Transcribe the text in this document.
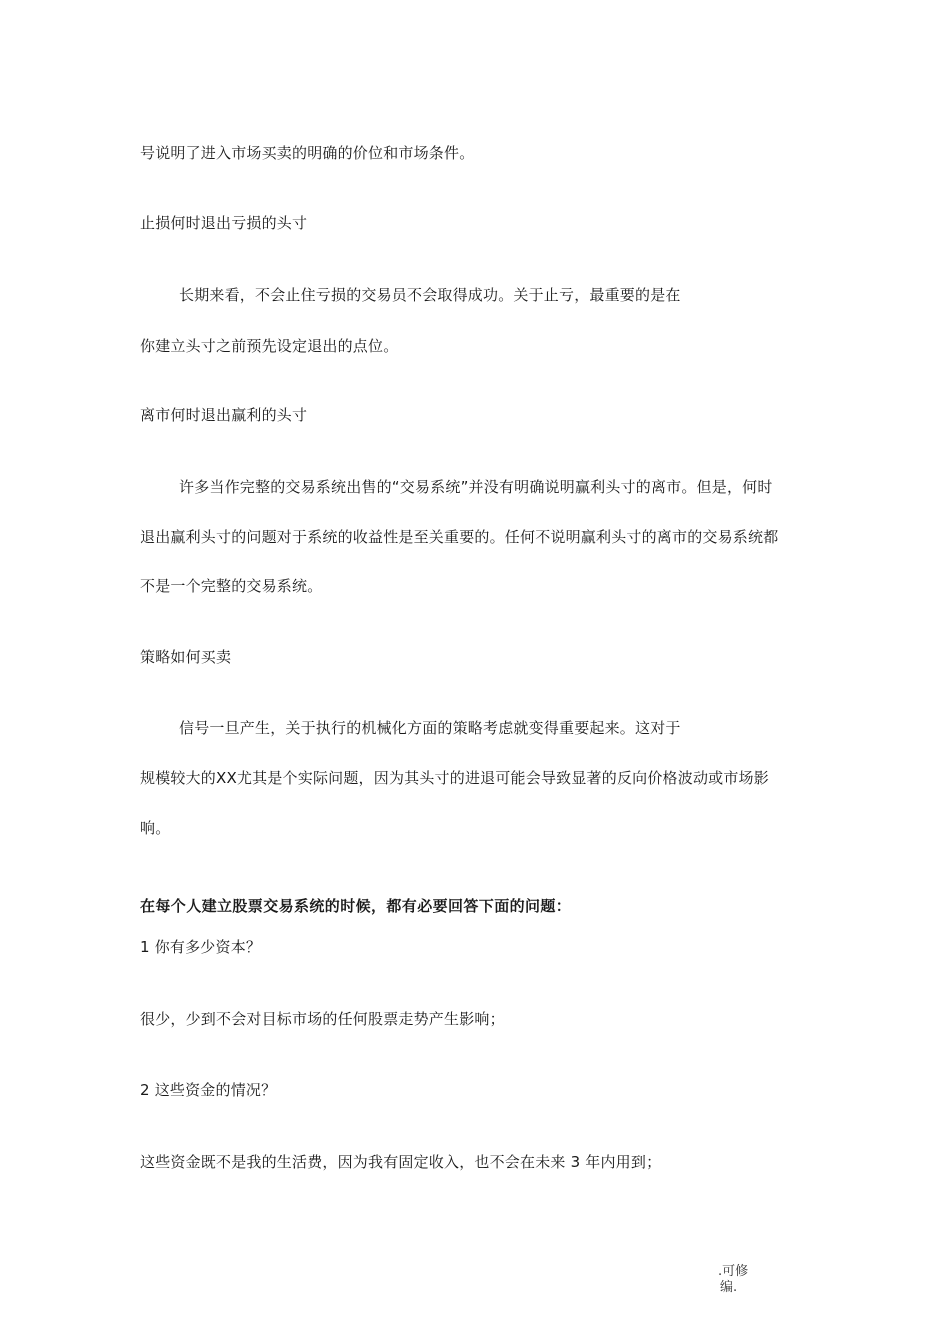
号说明了进入市场买卖的明确的价位和市场条件。
止损何时退出亏损的头寸
长期来看，不会止住亏损的交易员不会取得成功。关于止亏，最重要的是在
你建立头寸之前预先设定退出的点位。
离市何时退出赢利的头寸
许多当作完整的交易系统出售的“交易系统”并没有明确说明赢利头寸的离市。但是，何时
退出赢利头寸的问题对于系统的收益性是至关重要的。任何不说明赢利头寸的离市的交易系统都
不是一个完整的交易系统。
策略如何买卖
信号一旦产生，关于执行的机械化方面的策略考虑就变得重要起来。这对于
规模较大的XX尤其是个实际问题，因为其头寸的进退可能会导致显著的反向价格波动或市场影
响。
在每个人建立股票交易系统的时候，都有必要回答下面的问题：
1 你有多少资本？
很少，少到不会对目标市场的任何股票走势产生影响；
2 这些资金的情况？
这些资金既不是我的生活费，因为我有固定收入，也不会在未来 3 年内用到；
.可修
编.
